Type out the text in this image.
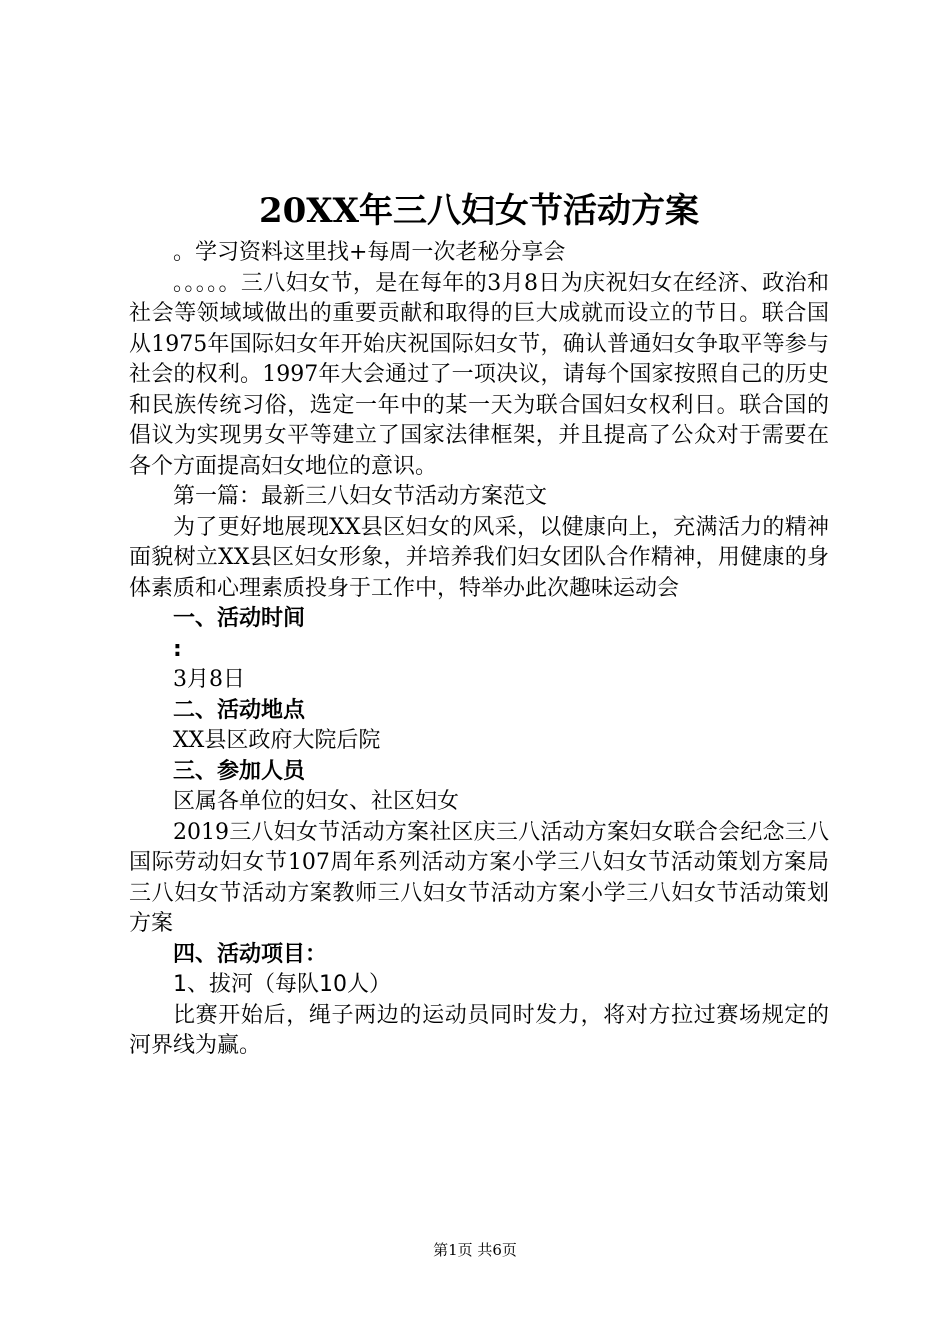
20XX年三八妇女节活动方案

。学习资料这里找+每周一次老秘分享会

。。。。。三八妇女节，是在每年的3月8日为庆祝妇女在经济、政治和社会等领域域做出的重要贡献和取得的巨大成就而设立的节日。联合国从1975年国际妇女年开始庆祝国际妇女节，确认普通妇女争取平等参与社会的权利。1997年大会通过了一项决议，请每个国家按照自己的历史和民族传统习俗，选定一年中的某一天为联合国妇女权利日。联合国的倡议为实现男女平等建立了国家法律框架，并且提高了公众对于需要在各个方面提高妇女地位的意识。

第一篇：最新三八妇女节活动方案范文

为了更好地展现XX县区妇女的风采，以健康向上，充满活力的精神面貌树立XX县区妇女形象，并培养我们妇女团队合作精神，用健康的身体素质和心理素质投身于工作中，特举办此次趣味运动会

一、活动时间

:

3月8日

二、活动地点

XX县区政府大院后院

三、参加人员

区属各单位的妇女、社区妇女

2019三八妇女节活动方案社区庆三八活动方案妇女联合会纪念三八国际劳动妇女节107周年系列活动方案小学三八妇女节活动策划方案局三八妇女节活动方案教师三八妇女节活动方案小学三八妇女节活动策划方案

四、活动项目：

1、拔河（每队10人）

比赛开始后，绳子两边的运动员同时发力，将对方拉过赛场规定的河界线为赢。

第1页 共6页
